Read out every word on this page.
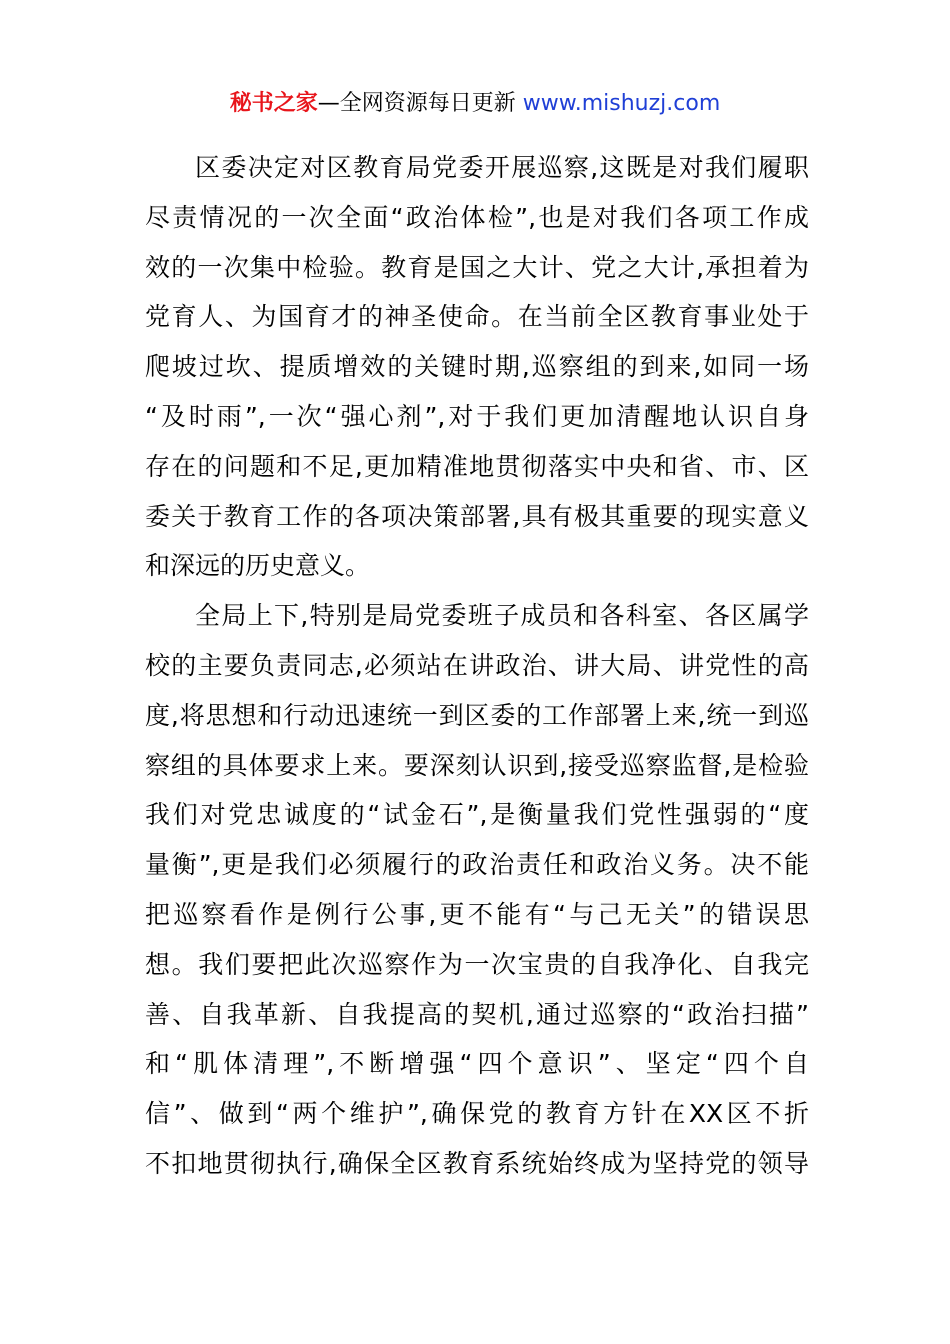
秘书之家—全网资源每日更新 www.mishuzj.com
区委决定对区教育局党委开展巡察,这既是对我们履职
尽责情况的一次全面“政治体检”,也是对我们各项工作成
效的一次集中检验。教育是国之大计、党之大计,承担着为
党育人、为国育才的神圣使命。在当前全区教育事业处于
爬坡过坎、提质增效的关键时期,巡察组的到来,如同一场
“及时雨”,一次“强心剂”,对于我们更加清醒地认识自身
存在的问题和不足,更加精准地贯彻落实中央和省、市、区
委关于教育工作的各项决策部署,具有极其重要的现实意义
和深远的历史意义。
全局上下,特别是局党委班子成员和各科室、各区属学
校的主要负责同志,必须站在讲政治、讲大局、讲党性的高
度,将思想和行动迅速统一到区委的工作部署上来,统一到巡
察组的具体要求上来。要深刻认识到,接受巡察监督,是检验
我们对党忠诚度的“试金石”,是衡量我们党性强弱的“度
量衡”,更是我们必须履行的政治责任和政治义务。决不能
把巡察看作是例行公事,更不能有“与己无关”的错误思
想。我们要把此次巡察作为一次宝贵的自我净化、自我完
善、自我革新、自我提高的契机,通过巡察的“政治扫描”
和“肌体清理”,不断增强“四个意识”、坚定“四个自
信”、做到“两个维护”,确保党的教育方针在XX区不折
不扣地贯彻执行,确保全区教育系统始终成为坚持党的领导
